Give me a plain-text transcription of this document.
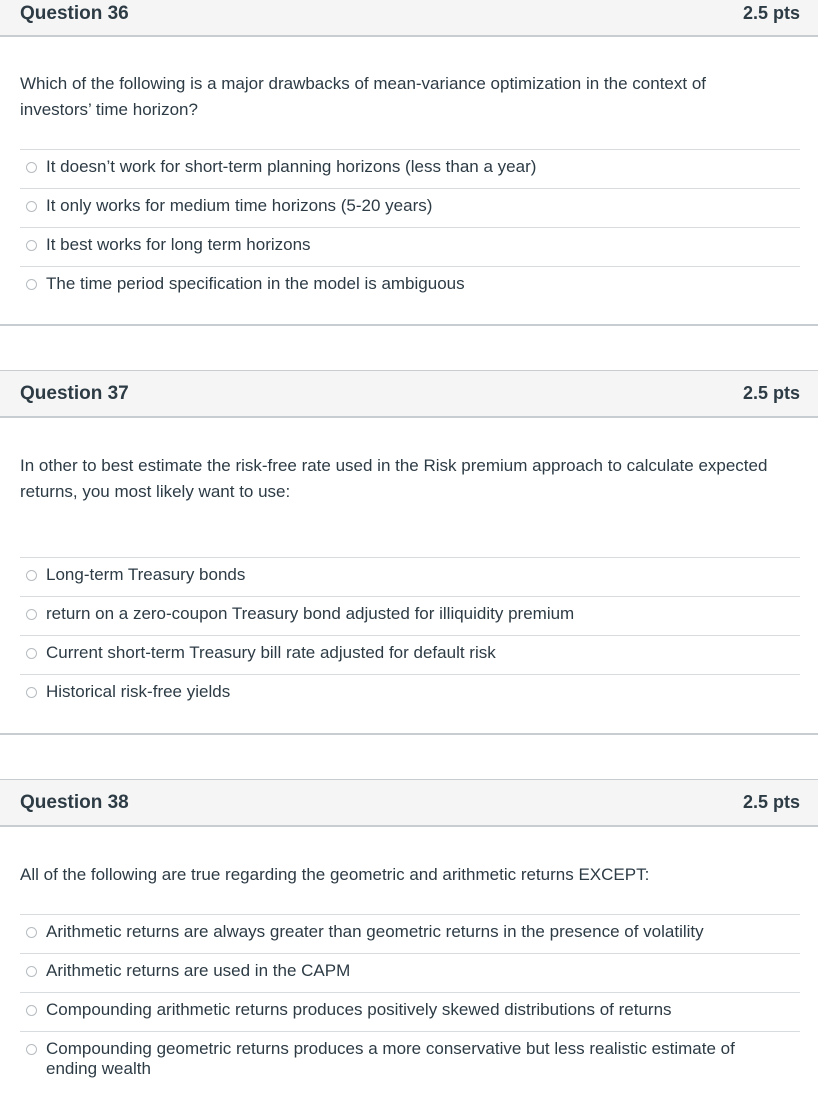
Question 36	2.5 pts
Which of the following is a major drawbacks of mean-variance optimization in the context of investors’ time horizon?
It doesn’t work for short-term planning horizons (less than a year)
It only works for medium time horizons (5-20 years)
It best works for long term horizons
The time period specification in the model is ambiguous
Question 37	2.5 pts
In other to best estimate the risk-free rate used in the Risk premium approach to calculate expected returns, you most likely want to use:
Long-term Treasury bonds
return on a zero-coupon Treasury bond adjusted for illiquidity premium
Current short-term Treasury bill rate adjusted for default risk
Historical risk-free yields
Question 38	2.5 pts
All of the following are true regarding the geometric and arithmetic returns EXCEPT:
Arithmetic returns are always greater than geometric returns in the presence of volatility
Arithmetic returns are used in the CAPM
Compounding arithmetic returns produces positively skewed distributions of returns
Compounding geometric returns produces a more conservative but less realistic estimate of ending wealth
